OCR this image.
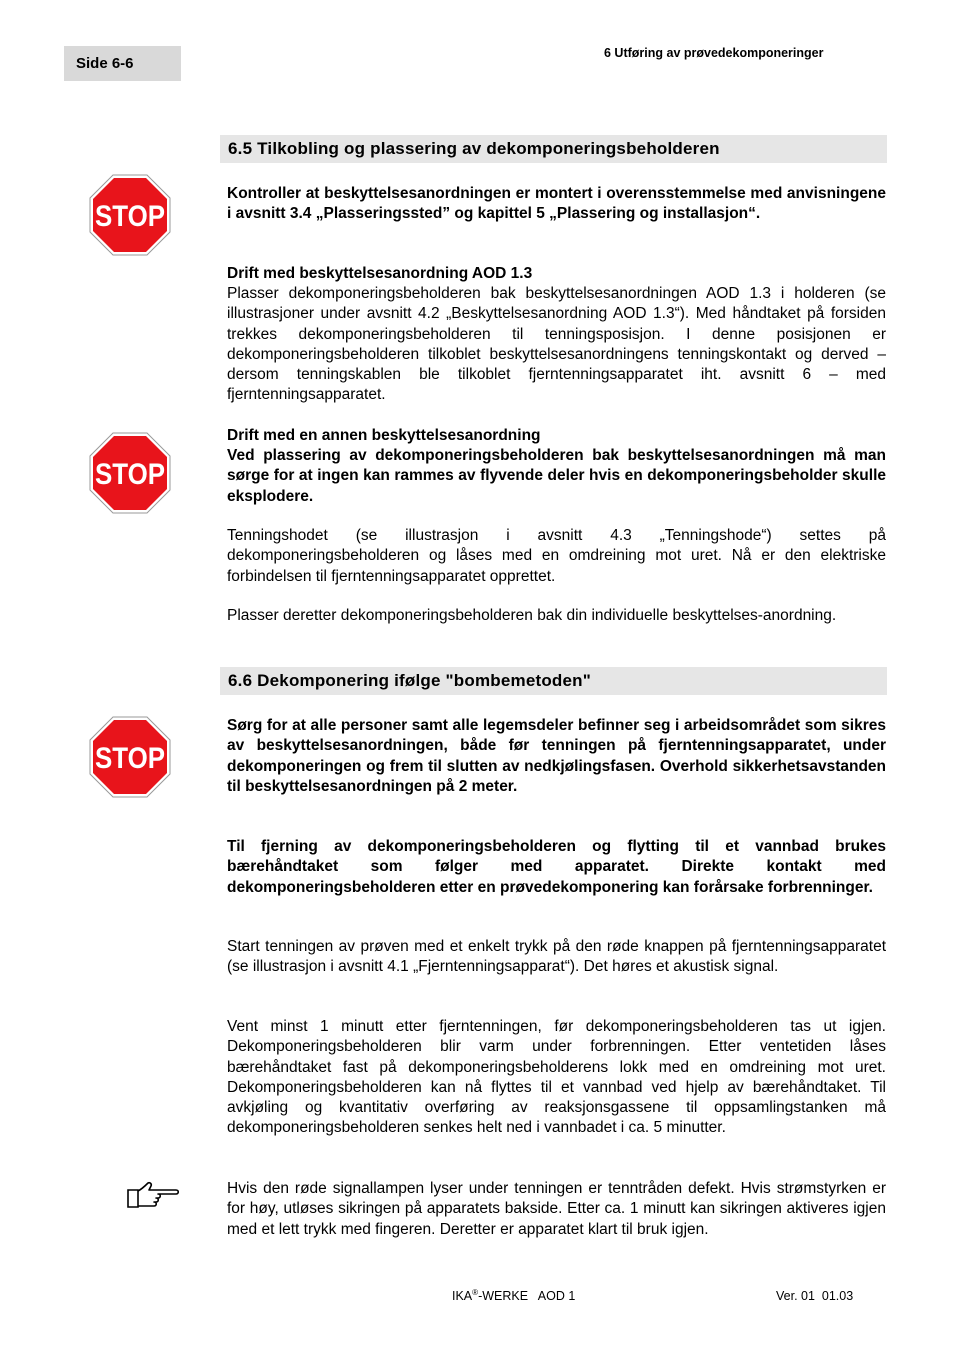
Side 6-6
6 Utføring av prøvedekomponeringer
6.5 Tilkobling og plassering av dekomponeringsbeholderen
STOP

Kontroller at beskyttelsesanordningen er montert i overensstemmelse med anvisningene i avsnitt 3.4 „Plasseringssted” og kapittel 5 „Plassering og installasjon“.

Drift med beskyttelsesanordning AOD 1.3

Plasser dekomponeringsbeholderen bak beskyttelsesanordningen AOD 1.3 i holderen (se illustrasjoner under avsnitt 4.2 „Beskyttelsesanordning AOD 1.3“). Med håndtaket på forsiden trekkes dekomponeringsbeholderen til tenningsposisjon. I denne posisjonen er dekomponeringsbeholderen tilkoblet beskyttelsesanordningens tenningskontakt og derved – dersom tenningskablen ble tilkoblet fjerntenningsapparatet iht. avsnitt 6 – med fjerntenningsapparatet.

STOP

Drift med en annen beskyttelsesanordning

Ved plassering av dekomponeringsbeholderen bak beskyttelsesanordningen må man sørge for at ingen kan rammes av flyvende deler hvis en dekomponeringsbeholder skulle eksplodere.

Tenningshodet (se illustrasjon i avsnitt 4.3 „Tenningshode“) settes på dekomponeringsbeholderen og låses med en omdreining mot uret. Nå er den elektriske forbindelsen til fjerntenningsapparatet opprettet.

Plasser deretter dekomponeringsbeholderen bak din individuelle beskyttelses-anordning.

6.6 Dekomponering ifølge "bombemetoden"
STOP

Sørg for at alle personer samt alle legemsdeler befinner seg i arbeidsområdet som sikres av beskyttelsesanordningen, både før tenningen på fjerntenningsapparatet, under dekomponeringen og frem til slutten av nedkjølingsfasen. Overhold sikkerhetsavstanden til beskyttelsesanordningen på 2 meter.

Til fjerning av dekomponeringsbeholderen og flytting til et vannbad brukes bærehåndtaket som følger med apparatet. Direkte kontakt med dekomponeringsbeholderen etter en prøvedekomponering kan forårsake forbrenninger.

Start tenningen av prøven med et enkelt trykk på den røde knappen på fjerntenningsapparatet (se illustrasjon i avsnitt 4.1 „Fjerntenningsapparat“). Det høres et akustisk signal.

Vent minst 1 minutt etter fjerntenningen, før dekomponeringsbeholderen tas ut igjen. Dekomponeringsbeholderen blir varm under forbrenningen. Etter ventetiden låses bærehåndtaket fast på dekomponeringsbeholderens lokk med en omdreining mot uret. Dekomponeringsbeholderen kan nå flyttes til et vannbad ved hjelp av bærehåndtaket. Til avkjøling og kvantitativ overføring av reaksjonsgassene til oppsamlingstanken må dekomponeringsbeholderen senkes helt ned i vannbadet i ca. 5 minutter.

Hvis den røde signallampen lyser under tenningen er tenntråden defekt. Hvis strømstyrken er for høy, utløses sikringen på apparatets bakside. Etter ca. 1 minutt kan sikringen aktiveres igjen med et lett trykk med fingeren. Deretter er apparatet klart til bruk igjen.

IKA®-WERKE   AOD 1	Ver. 01  01.03
